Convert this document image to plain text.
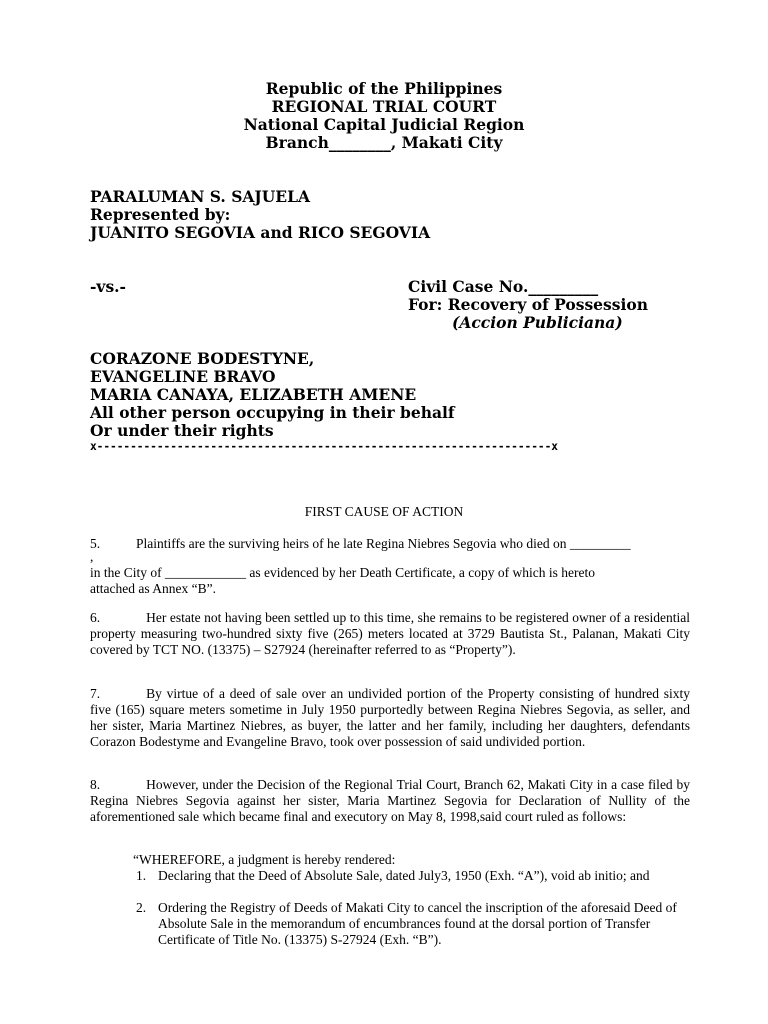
Republic of the Philippines
REGIONAL TRIAL COURT
National Capital Judicial Region
Branch________, Makati City
PARALUMAN S. SAJUELA
Represented by:
JUANITO SEGOVIA and RICO SEGOVIA
-vs.-	Civil Case No._________
For: Recovery of Possession
(Accion Publiciana)
CORAZONE BODESTYNE,
EVANGELINE BRAVO
MARIA CANAYA, ELIZABETH AMENE
All other person occupying in their behalf
Or under their rights
x--------------------------------------------------------------------x
FIRST CAUSE OF ACTION
5.	Plaintiffs are the surviving heirs of he late Regina Niebres Segovia who died on _________
,
in the City of ____________ as evidenced by her Death Certificate, a copy of which is hereto
attached as Annex “B”.
6.	Her estate not having been settled up to this time, she remains to be registered owner of a residential property measuring two-hundred sixty five (265) meters located at 3729 Bautista St., Palanan, Makati City covered by TCT NO. (13375) – S27924 (hereinafter referred to as “Property”).
7.	By virtue of a deed of sale over an undivided portion of the Property consisting of hundred sixty five (165) square meters sometime in July 1950 purportedly between Regina Niebres Segovia, as seller, and her sister, Maria Martinez Niebres, as buyer, the latter and her family, including her daughters, defendants Corazon Bodestyme and Evangeline Bravo, took over possession of said undivided portion.
8.	However, under the Decision of the Regional Trial Court, Branch 62, Makati City in a case filed by Regina Niebres Segovia against her sister, Maria Martinez Segovia for Declaration of Nullity of the aforementioned sale which became final and executory on May 8, 1998,said court ruled as follows:
“WHEREFORE, a judgment is hereby rendered:
1. Declaring that the Deed of Absolute Sale, dated July3, 1950 (Exh. “A”), void ab initio; and
2. Ordering the Registry of Deeds of Makati City to cancel the inscription of the aforesaid Deed of Absolute Sale in the memorandum of encumbrances found at the dorsal portion of Transfer Certificate of Title No. (13375) S-27924 (Exh. “B”).
